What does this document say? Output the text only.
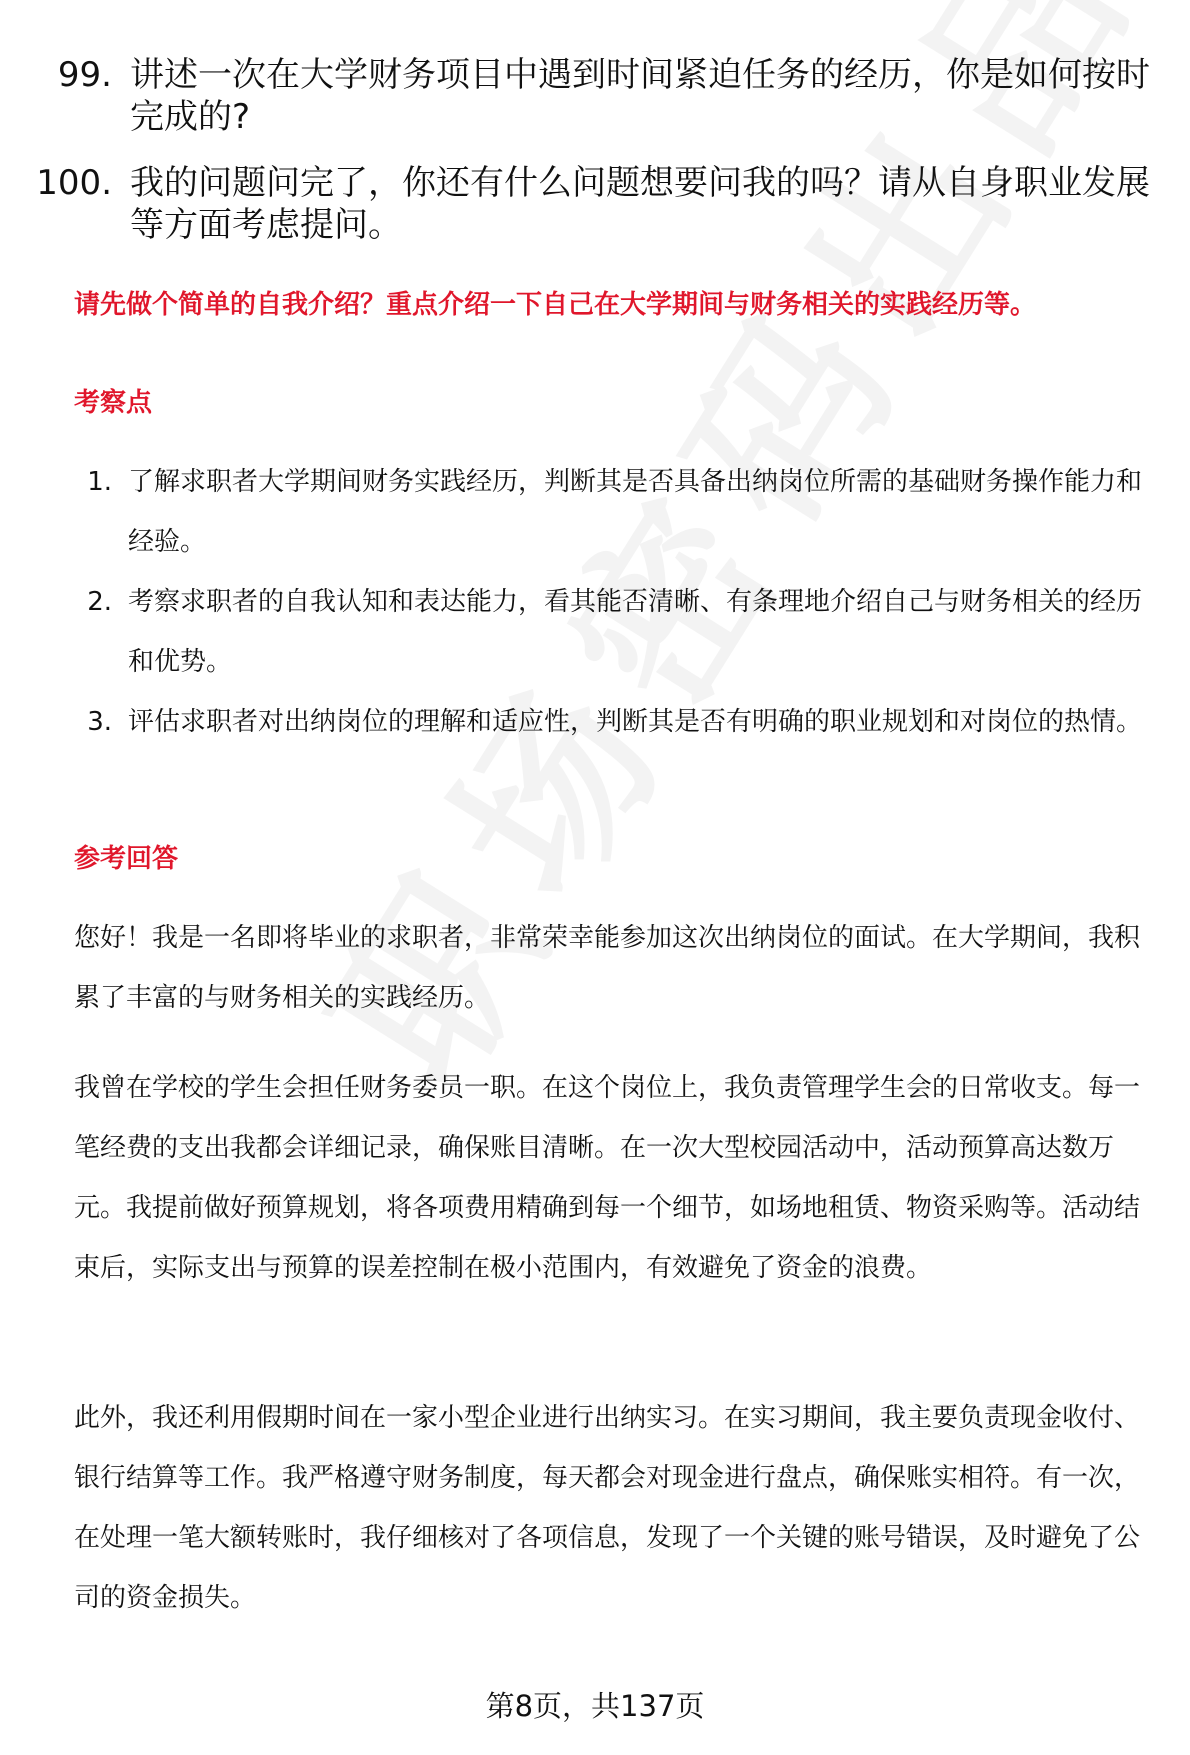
99. 讲述一次在大学财务项目中遇到时间紧迫任务的经历，你是如何按时完成的?
100. 我的问题问完了，你还有什么问题想要问我的吗？请从自身职业发展等方面考虑提问。
请先做个简单的自我介绍？重点介绍一下自己在大学期间与财务相关的实践经历等。
考察点
1. 了解求职者大学期间财务实践经历，判断其是否具备出纳岗位所需的基础财务操作能力和经验。
2. 考察求职者的自我认知和表达能力，看其能否清晰、有条理地介绍自己与财务相关的经历和优势。
3. 评估求职者对出纳岗位的理解和适应性，判断其是否有明确的职业规划和对岗位的热情。
参考回答
您好！我是一名即将毕业的求职者，非常荣幸能参加这次出纳岗位的面试。在大学期间，我积累了丰富的与财务相关的实践经历。
我曾在学校的学生会担任财务委员一职。在这个岗位上，我负责管理学生会的日常收支。每一笔经费的支出我都会详细记录，确保账目清晰。在一次大型校园活动中，活动预算高达数万元。我提前做好预算规划，将各项费用精确到每一个细节，如场地租赁、物资采购等。活动结束后，实际支出与预算的误差控制在极小范围内，有效避免了资金的浪费。
此外，我还利用假期时间在一家小型企业进行出纳实习。在实习期间，我主要负责现金收付、银行结算等工作。我严格遵守财务制度，每天都会对现金进行盘点，确保账实相符。有一次，在处理一笔大额转账时，我仔细核对了各项信息，发现了一个关键的账号错误，及时避免了公司的资金损失。
第8页，共137页
